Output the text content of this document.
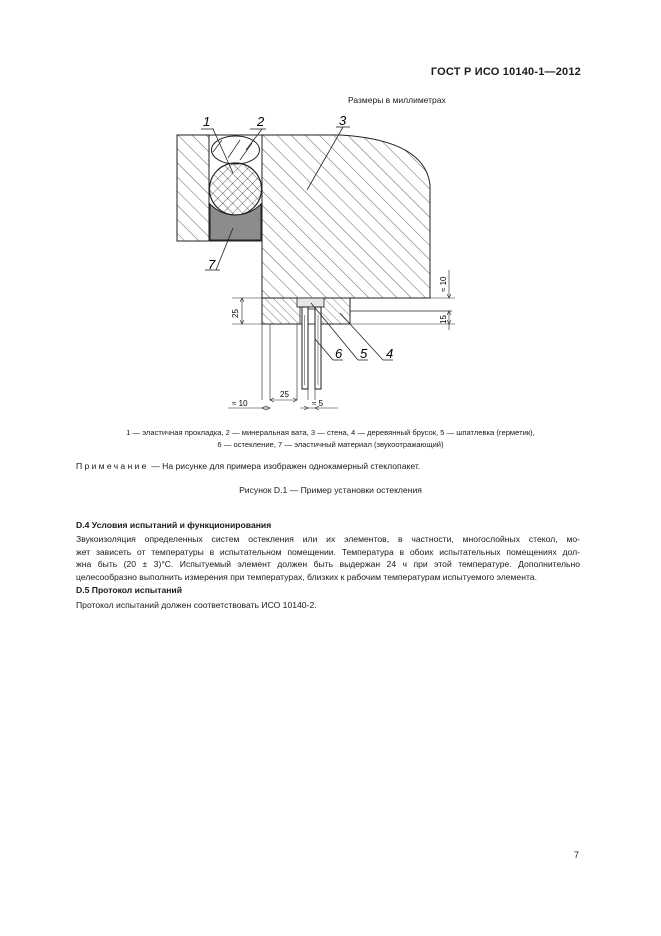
ГОСТ Р ИСО 10140-1—2012
Размеры в миллиметрах
25
≈ 10
15
≈ 10
25
≈ 5
1	2	3
7
6 5 4
1 — эластичная прокладка, 2 — минеральная вата, 3 — стена, 4 — деревянный брусок, 5 — шпатлевка (герметик),
6 — остекление, 7 — эластичный материал (звукоотражающий)
Примечание — На рисунке для примера изображен однокамерный стеклопакет.
Рисунок D.1 — Пример установки остекления
D.4 Условия испытаний и функционирования
Звукоизоляция определенных систем остекления или их элементов, в частности, многослойных стекол, мо-
жет зависеть от температуры в испытательном помещении. Температура в обоих испытательных помещениях дол-
жна быть (20 ± 3)°С. Испытуемый элемент должен быть выдержан 24 ч при этой температуре. Дополнительно
целесообразно выполнить измерения при температурах, близких к рабочим температурам испытуемого элемента.
D.5 Протокол испытаний
Протокол испытаний должен соответствовать ИСО 10140-2.
7
